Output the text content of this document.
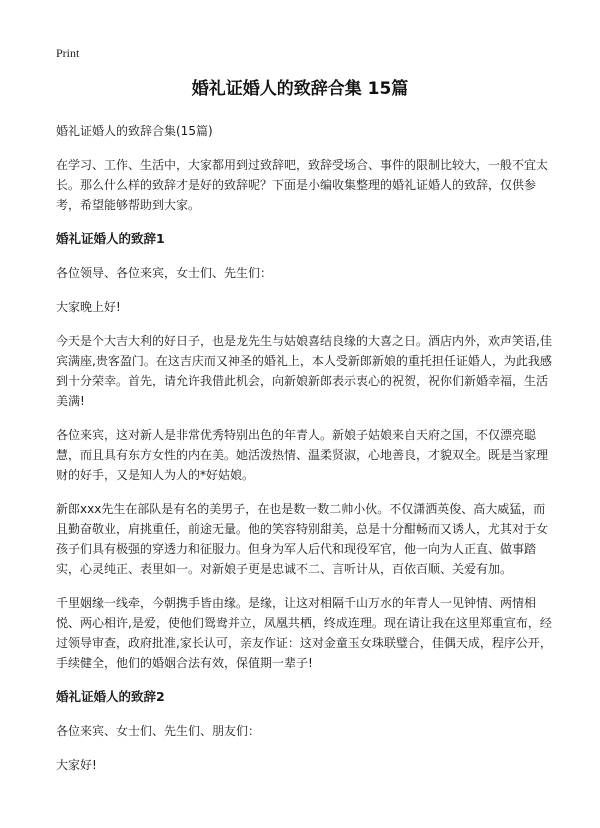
Print
婚礼证婚人的致辞合集 15篇

婚礼证婚人的致辞合集(15篇)

在学习、工作、生活中，大家都用到过致辞吧，致辞受场合、事件的限制比较大，一般不宜太长。那么什么样的致辞才是好的致辞呢？下面是小编收集整理的婚礼证婚人的致辞，仅供参考，希望能够帮助到大家。

婚礼证婚人的致辞1

各位领导、各位来宾，女士们、先生们：

大家晚上好!

今天是个大吉大利的好日子，也是龙先生与姑娘喜结良缘的大喜之日。酒店内外，欢声笑语,佳宾满座,贵客盈门。在这吉庆而又神圣的婚礼上，本人受新郎新娘的重托担任证婚人，为此我感到十分荣幸。首先，请允许我借此机会，向新娘新郎表示衷心的祝贺，祝你们新婚幸福，生活美满!

各位来宾，这对新人是非常优秀特别出色的年青人。新娘子姑娘来自天府之国，不仅漂亮聪慧，而且具有东方女性的内在美。她活泼热情、温柔贤淑，心地善良，才貌双全。既是当家理财的好手，又是知人为人的*好姑娘。

新郎xxx先生在部队是有名的美男子，在也是数一数二帅小伙。不仅潇洒英俊、高大威猛，而且勤奋敬业，肩挑重任，前途无量。他的笑容特别甜美，总是十分酣畅而又诱人，尤其对于女孩子们具有极强的穿透力和征服力。但身为军人后代和现役军官，他一向为人正直、做事踏实，心灵纯正、表里如一。对新娘子更是忠诚不二、言听计从，百依百顺、关爱有加。

千里姻缘一线牵，今朝携手皆由缘。是缘，让这对相隔千山万水的年青人一见钟情、两情相悦、两心相许,是爱，使他们鸳鸯并立，凤凰共栖，终成连理。现在请让我在这里郑重宣布，经过领导审查，政府批准,家长认可，亲友作证：这对金童玉女珠联璧合，佳偶天成，程序公开，手续健全，他们的婚姻合法有效，保值期一辈子!

婚礼证婚人的致辞2

各位来宾、女士们、先生们、朋友们：

大家好!
